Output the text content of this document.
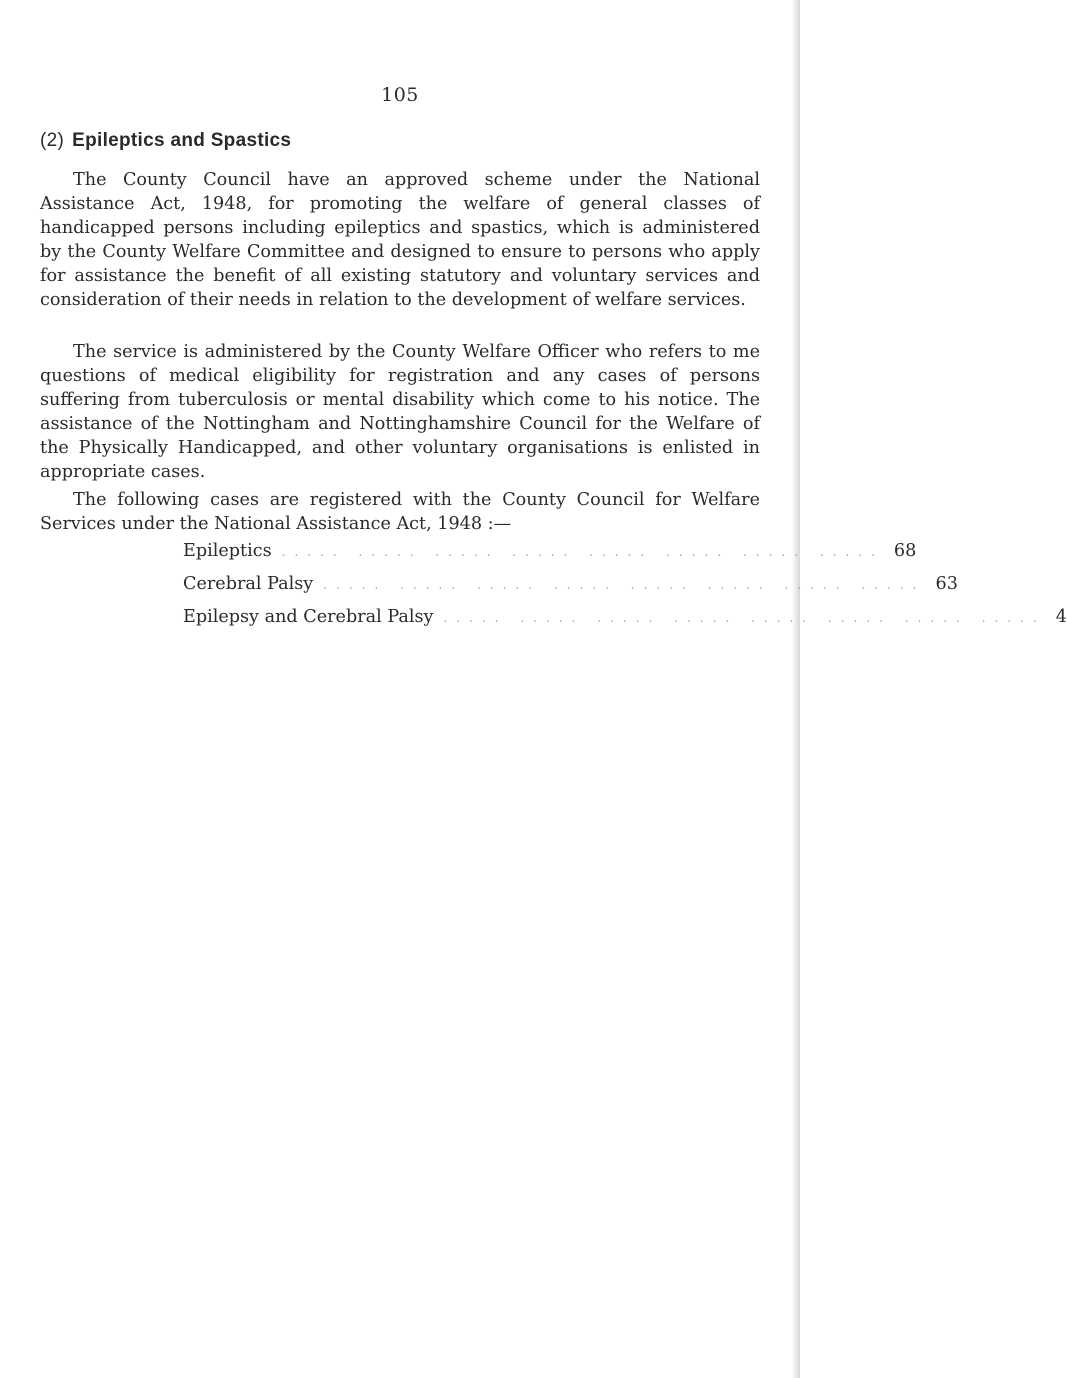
105
(2) Epileptics and Spastics

The County Council have an approved scheme under the National Assistance Act, 1948, for promoting the welfare of general classes of handicapped persons including epileptics and spastics, which is administered by the County Welfare Committee and designed to ensure to persons who apply for assistance the benefit of all existing statutory and voluntary services and consideration of their needs in relation to the development of welfare services.

The service is administered by the County Welfare Officer who refers to me questions of medical eligibility for registration and any cases of persons suffering from tuberculosis or mental disability which come to his notice. The assistance of the Nottingham and Nottinghamshire Council for the Welfare of the Physically Handicapped, and other voluntary organisations is enlisted in appropriate cases.

The following cases are registered with the County Council for Welfare Services under the National Assistance Act, 1948 :—

Epileptics ..... ..... ..... ..... ..... ..... ..... ..... 68
Cerebral Palsy ..... ..... ..... ..... ..... ..... ..... ..... 63
Epilepsy and Cerebral Palsy ..... ..... ..... ..... ..... ..... ..... ..... 4
